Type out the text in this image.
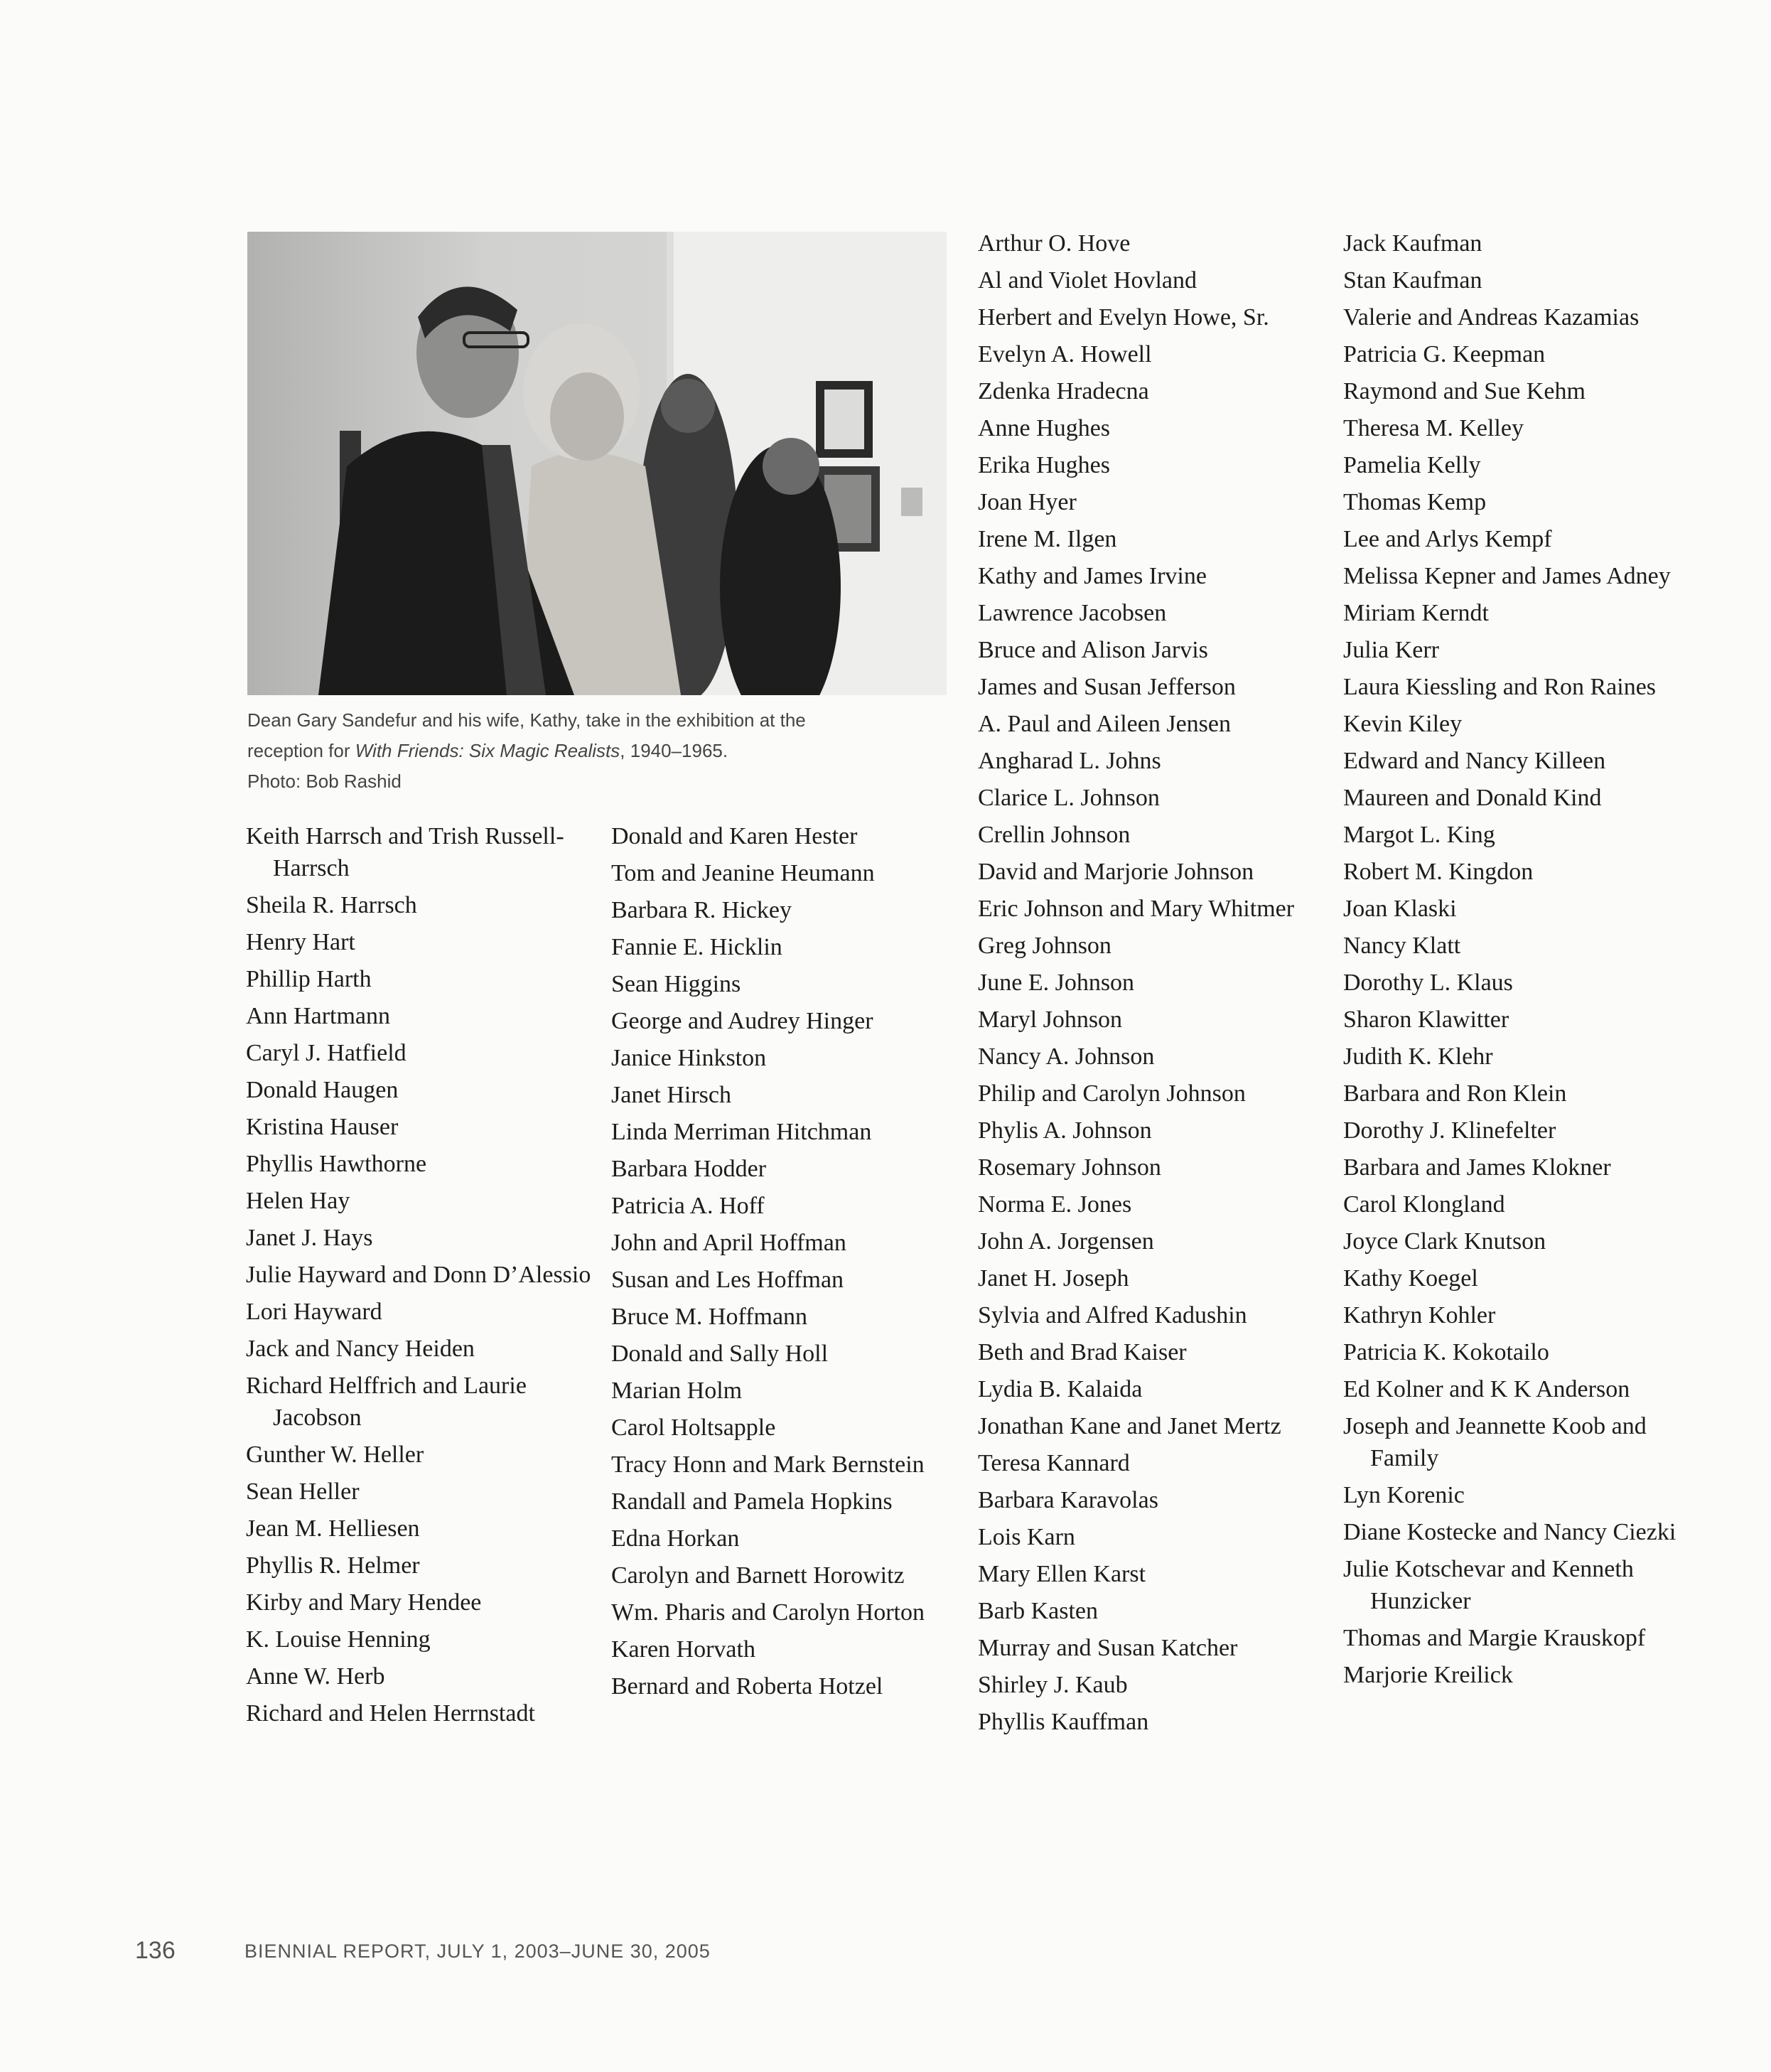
Dean Gary Sandefur and his wife, Kathy, take in the exhibition at the
reception for With Friends: Six Magic Realists, 1940–1965.
Photo: Bob Rashid
Keith Harrsch and Trish Russell-Harrsch
Sheila R. Harrsch
Henry Hart
Phillip Harth
Ann Hartmann
Caryl J. Hatfield
Donald Haugen
Kristina Hauser
Phyllis Hawthorne
Helen Hay
Janet J. Hays
Julie Hayward and Donn D’Alessio
Lori Hayward
Jack and Nancy Heiden
Richard Helffrich and Laurie Jacobson
Gunther W. Heller
Sean Heller
Jean M. Helliesen
Phyllis R. Helmer
Kirby and Mary Hendee
K. Louise Henning
Anne W. Herb
Richard and Helen Herrnstadt
Donald and Karen Hester
Tom and Jeanine Heumann
Barbara R. Hickey
Fannie E. Hicklin
Sean Higgins
George and Audrey Hinger
Janice Hinkston
Janet Hirsch
Linda Merriman Hitchman
Barbara Hodder
Patricia A. Hoff
John and April Hoffman
Susan and Les Hoffman
Bruce M. Hoffmann
Donald and Sally Holl
Marian Holm
Carol Holtsapple
Tracy Honn and Mark Bernstein
Randall and Pamela Hopkins
Edna Horkan
Carolyn and Barnett Horowitz
Wm. Pharis and Carolyn Horton
Karen Horvath
Bernard and Roberta Hotzel
Arthur O. Hove
Al and Violet Hovland
Herbert and Evelyn Howe, Sr.
Evelyn A. Howell
Zdenka Hradecna
Anne Hughes
Erika Hughes
Joan Hyer
Irene M. Ilgen
Kathy and James Irvine
Lawrence Jacobsen
Bruce and Alison Jarvis
James and Susan Jefferson
A. Paul and Aileen Jensen
Angharad L. Johns
Clarice L. Johnson
Crellin Johnson
David and Marjorie Johnson
Eric Johnson and Mary Whitmer
Greg Johnson
June E. Johnson
Maryl Johnson
Nancy A. Johnson
Philip and Carolyn Johnson
Phylis A. Johnson
Rosemary Johnson
Norma E. Jones
John A. Jorgensen
Janet H. Joseph
Sylvia and Alfred Kadushin
Beth and Brad Kaiser
Lydia B. Kalaida
Jonathan Kane and Janet Mertz
Teresa Kannard
Barbara Karavolas
Lois Karn
Mary Ellen Karst
Barb Kasten
Murray and Susan Katcher
Shirley J. Kaub
Phyllis Kauffman
Jack Kaufman
Stan Kaufman
Valerie and Andreas Kazamias
Patricia G. Keepman
Raymond and Sue Kehm
Theresa M. Kelley
Pamelia Kelly
Thomas Kemp
Lee and Arlys Kempf
Melissa Kepner and James Adney
Miriam Kerndt
Julia Kerr
Laura Kiessling and Ron Raines
Kevin Kiley
Edward and Nancy Killeen
Maureen and Donald Kind
Margot L. King
Robert M. Kingdon
Joan Klaski
Nancy Klatt
Dorothy L. Klaus
Sharon Klawitter
Judith K. Klehr
Barbara and Ron Klein
Dorothy J. Klinefelter
Barbara and James Klokner
Carol Klongland
Joyce Clark Knutson
Kathy Koegel
Kathryn Kohler
Patricia K. Kokotailo
Ed Kolner and K K Anderson
Joseph and Jeannette Koob and Family
Lyn Korenic
Diane Kostecke and Nancy Ciezki
Julie Kotschevar and Kenneth Hunzicker
Thomas and Margie Krauskopf
Marjorie Kreilick
136	BIENNIAL REPORT, JULY 1, 2003–JUNE 30, 2005
